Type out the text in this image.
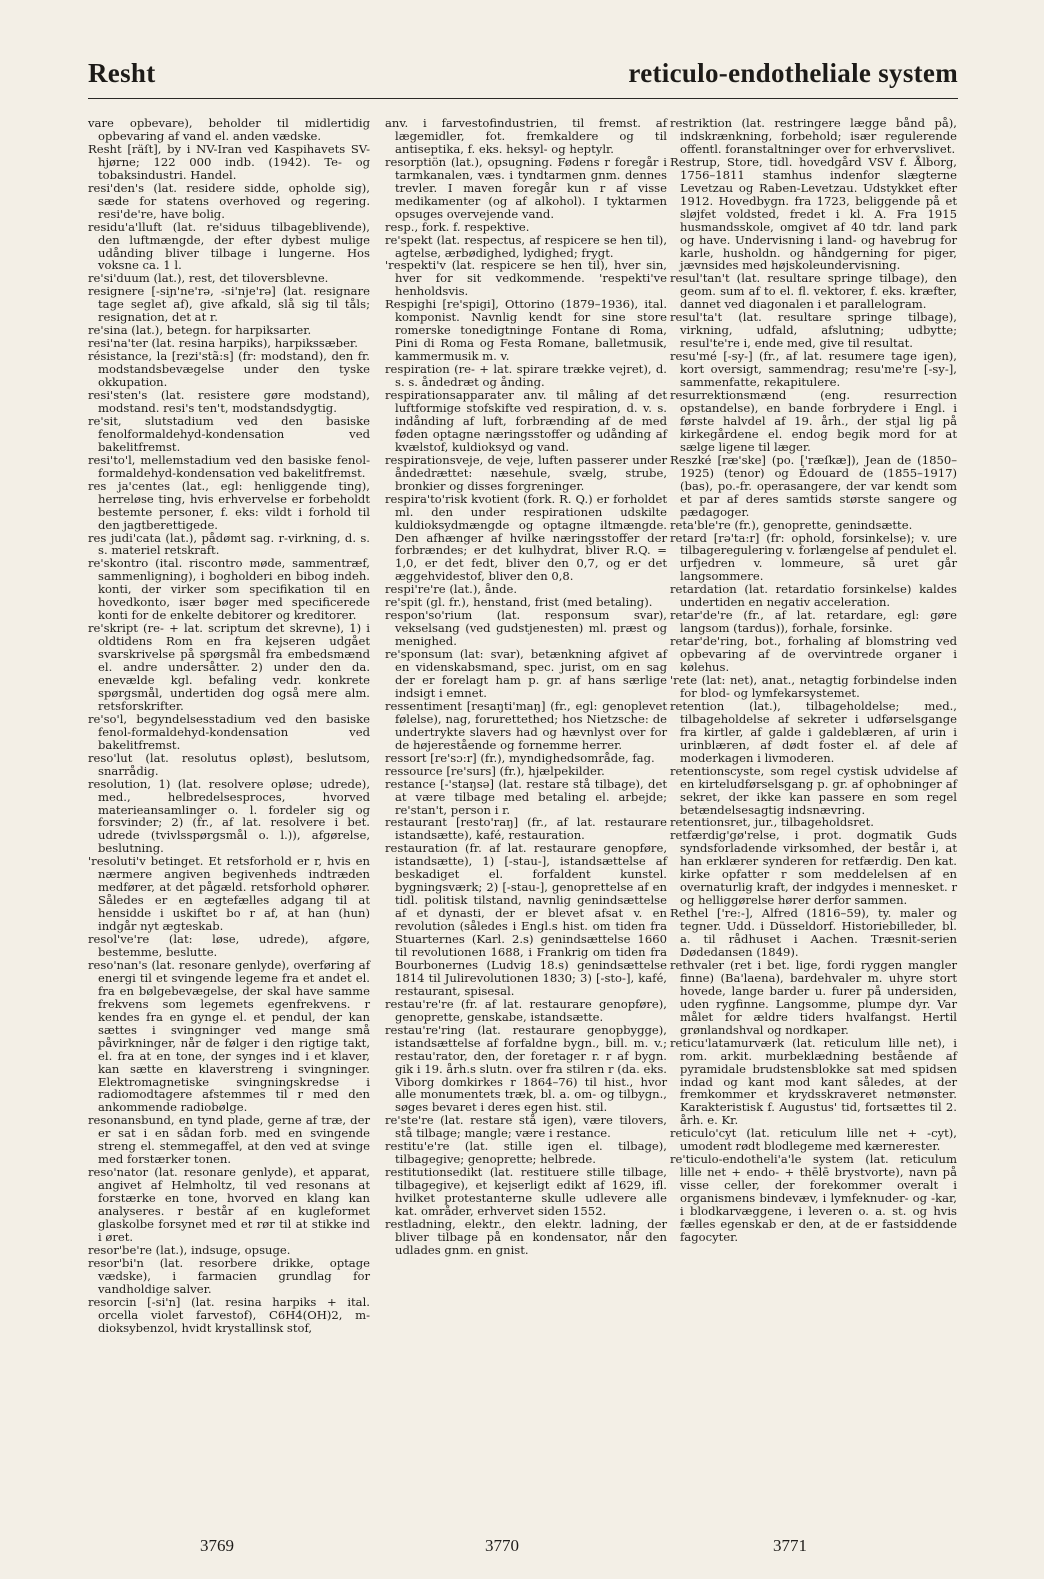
Resht	reticulo-endotheliale system

vare opbevare), beholder til midlertidig opbevaring af vand el. anden vædske.

Resht [räſt], by i NV-Iran ved Kaspihavets SV-hjørne; 122 000 indb. (1942). Te- og tobaksindustri. Handel.

resi'den's (lat. residere sidde, opholde sig), sæde for statens overhoved og regering. resi'de're, have bolig.

residu'a'lluft (lat. re'siduus tilbageblivende), den luftmængde, der efter dybest mulige udånding bliver tilbage i lungerne. Hos voksne ca. 1 l.

re'si'duum (lat.), rest, det tiloversblevne.

resignere [-siɲ'ne'rə, -si'nje'rə] (lat. resignare tage seglet af), give afkald, slå sig til tåls; resignation, det at r.

re'sina (lat.), betegn. for harpiksarter.

resi'na'ter (lat. resina harpiks), harpikssæber.

résistance, la [rezi'stã:s] (fr: modstand), den fr. modstandsbevægelse under den tyske okkupation.

resi'sten's (lat. resistere gøre modstand), modstand. resi's ten't, modstandsdygtig.

re'sit, slutstadium ved den basiske fenolformaldehyd-kondensation ved bakelitfremst.

resi'to'l, mellemstadium ved den basiske fenol-formaldehyd-kondensation ved bakelitfremst.

res ja'centes (lat., egl: henliggende ting), herreløse ting, hvis erhvervelse er forbeholdt bestemte personer, f. eks: vildt i forhold til den jagtberettigede.

res judi'cata (lat.), pådømt sag. r-virkning, d. s. s. materiel retskraft.

re'skontro (ital. riscontro møde, sammentræf, sammenligning), i bogholderi en bibog indeh. konti, der virker som specifikation til en hovedkonto, især bøger med specificerede konti for de enkelte debitorer og kreditorer.

re'skript (re- + lat. scriptum det skrevne), 1) i oldtidens Rom en fra kejseren udgået svarskrivelse på spørgsmål fra embedsmænd el. andre undersåtter. 2) under den da. enevælde kgl. befaling vedr. konkrete spørgsmål, undertiden dog også mere alm. retsforskrifter.

re'so'l, begyndelsesstadium ved den basiske fenol-formaldehyd-kondensation ved bakelitfremst.

reso'lut (lat. resolutus opløst), beslutsom, snarrådig.

resolution, 1) (lat. resolvere opløse; udrede), med., helbredelsesproces, hvorved materieansamlinger o. l. fordeler sig og forsvinder; 2) (fr., af lat. resolvere i bet. udrede (tvivlsspørgsmål o. l.)), afgørelse, beslutning.

'resoluti'v betinget. Et retsforhold er r, hvis en nærmere angiven begivenheds indtræden medfører, at det pågæld. retsforhold ophører. Således er en ægtefælles adgang til at hensidde i uskiftet bo r af, at han (hun) indgår nyt ægteskab.

resol've're (lat: løse, udrede), afgøre, bestemme, beslutte.

reso'nan's (lat. resonare genlyde), overføring af energi til et svingende legeme fra et andet el. fra en bølgebevægelse, der skal have samme frekvens som legemets egenfrekvens. r kendes fra en gynge el. et pendul, der kan sættes i svingninger ved mange små påvirkninger, når de følger i den rigtige takt, el. fra at en tone, der synges ind i et klaver, kan sætte en klaverstreng i svingninger. Elektromagnetiske svingningskredse i radiomodtagere afstemmes til r med den ankommende radiobølge.

resonansbund, en tynd plade, gerne af træ, der er sat i en sådan forb. med en svingende streng el. stemmegaffel, at den ved at svinge med forstærker tonen.

reso'nator (lat. resonare genlyde), et apparat, angivet af Helmholtz, til ved resonans at forstærke en tone, hvorved en klang kan analyseres. r består af en kugleformet glaskolbe forsynet med et rør til at stikke ind i øret.

resor'be're (lat.), indsuge, opsuge.

resor'bi'n (lat. resorbere drikke, optage vædske), i farmacien grundlag for vandholdige salver.

resorcin [-si'n] (lat. resina harpiks + ital. orcella violet farvestof), C6H4(OH)2, m-dioksybenzol, hvidt krystallinsk stof,

anv. i farvestofindustrien, til fremst. af lægemidler, fot. fremkaldere og til antiseptika, f. eks. heksyl- og heptylr.

resorptiön (lat.), opsugning. Fødens r foregår i tarmkanalen, væs. i tyndtarmen gnm. dennes trevler. I maven foregår kun r af visse medikamenter (og af alkohol). I tyktarmen opsuges overvejende vand.

resp., fork. f. respektive.

re'spekt (lat. respectus, af respicere se hen til), agtelse, ærbødighed, lydighed; frygt.

'respekti'v (lat. respicere se hen til), hver sin, hver for sit vedkommende. 'respekti've henholdsvis.

Respighi [re'spigi], Ottorino (1879–1936), ital. komponist. Navnlig kendt for sine store romerske tonedigtninge Fontane di Roma, Pini di Roma og Festa Romane, balletmusik, kammermusik m. v.

respiration (re- + lat. spirare trække vejret), d. s. s. åndedræt og ånding.

respirationsapparater anv. til måling af det luftformige stofskifte ved respiration, d. v. s. indånding af luft, forbrænding af de med føden optagne næringsstoffer og udånding af kvælstof, kuldioksyd og vand.

respirationsveje, de veje, luften passerer under åndedrættet: næsehule, svælg, strube, bronkier og disses forgreninger.

respira'to'risk kvotient (fork. R. Q.) er forholdet ml. den under respirationen udskilte kuldioksydmængde og optagne iltmængde. Den afhænger af hvilke næringsstoffer der forbrændes; er det kulhydrat, bliver R.Q. = 1,0, er det fedt, bliver den 0,7, og er det æggehvidestof, bliver den 0,8.

respi're're (lat.), ånde.

re'spit (gl. fr.), henstand, frist (med betaling).

respon'so'rium (lat. responsum svar), vekselsang (ved gudstjenesten) ml. præst og menighed.

re'sponsum (lat: svar), betænkning afgivet af en videnskabsmand, spec. jurist, om en sag der er forelagt ham p. gr. af hans særlige indsigt i emnet.

ressentiment [resaŋti'maŋ] (fr., egl: genoplevet følelse), nag, forurettethed; hos Nietzsche: de undertrykte slavers had og hævnlyst over for de højerestående og fornemme herrer.

ressort [re'sɔ:r] (fr.), myndighedsområde, fag.

ressource [re'surs] (fr.), hjælpekilder.

restance [-'staŋsə] (lat. restare stå tilbage), det at være tilbage med betaling el. arbejde; re'stan't, person i r.

restaurant [resto'raŋ] (fr., af lat. restaurare istandsætte), kafé, restauration.

restauration (fr. af lat. restaurare genopføre, istandsætte), 1) [-stau-], istandsættelse af beskadiget el. forfaldent kunstel. bygningsværk; 2) [-stau-], genoprettelse af en tidl. politisk tilstand, navnlig genindsættelse af et dynasti, der er blevet afsat v. en revolution (således i Engl.s hist. om tiden fra Stuarternes (Karl. 2.s) genindsættelse 1660 til revolutionen 1688, i Frankrig om tiden fra Bourbonernes (Ludvig 18.s) genindsættelse 1814 til Julirevolutionen 1830; 3) [-sto-], kafé, restaurant, spisesal.

restau're're (fr. af lat. restaurare genopføre), genoprette, genskabe, istandsætte.

restau're'ring (lat. restaurare genopbygge), istandsættelse af forfaldne bygn., bill. m. v.; restau'rator, den, der foretager r. r af bygn. gik i 19. årh.s slutn. over fra stilren r (da. eks. Viborg domkirkes r 1864–76) til hist., hvor alle monumentets træk, bl. a. om- og tilbygn., søges bevaret i deres egen hist. stil.

re'ste're (lat. restare stå igen), være tilovers, stå tilbage; mangle; være i restance.

restitu'e're (lat. stille igen el. tilbage), tilbagegive; genoprette; helbrede.

restitutionsedikt (lat. restituere stille tilbage, tilbagegive), et kejserligt edikt af 1629, ifl. hvilket protestanterne skulle udlevere alle kat. områder, erhvervet siden 1552.

restladning, elektr., den elektr. ladning, der bliver tilbage på en kondensator, når den udlades gnm. en gnist.

restriktion (lat. restringere lægge bånd på), indskrænkning, forbehold; især regulerende offentl. foranstaltninger over for erhvervslivet.

Restrup, Store, tidl. hovedgård VSV f. Ålborg, 1756–1811 stamhus indenfor slægterne Levetzau og Raben-Levetzau. Udstykket efter 1912. Hovedbygn. fra 1723, beliggende på et sløjfet voldsted, fredet i kl. A. Fra 1915 husmandsskole, omgivet af 40 tdr. land park og have. Undervisning i land- og havebrug for karle, husholdn. og håndgerning for piger, jævnsides med højskoleundervisning.

resul'tan't (lat. resultare springe tilbage), den geom. sum af to el. fl. vektorer, f. eks. kræfter, dannet ved diagonalen i et parallelogram.

resul'ta't (lat. resultare springe tilbage), virkning, udfald, afslutning; udbytte; resul'te're i, ende med, give til resultat.

resu'mé [-sy-] (fr., af lat. resumere tage igen), kort oversigt, sammendrag; resu'me're [-sy-], sammenfatte, rekapitulere.

resurrektionsmænd (eng. resurrection opstandelse), en bande forbrydere i Engl. i første halvdel af 19. årh., der stjal lig på kirkegårdene el. endog begik mord for at sælge ligene til læger.

Reszké [ræ'ske] (po. ['ræſkæ]), Jean de (1850–1925) (tenor) og Édouard de (1855–1917) (bas), po.-fr. operasangere, der var kendt som et par af deres samtids største sangere og pædagoger.

reta'ble're (fr.), genoprette, genindsætte.

retard [rə'ta:r] (fr: ophold, forsinkelse); v. ure tilbageregulering v. forlængelse af pendulet el. urfjedren v. lommeure, så uret går langsommere.

retardation (lat. retardatio forsinkelse) kaldes undertiden en negativ acceleration.

retar'de're (fr., af lat. retardare, egl: gøre langsom (tardus)), forhale, forsinke.

retar'de'ring, bot., forhaling af blomstring ved opbevaring af de overvintrede organer i kølehus.

'rete (lat: net), anat., netagtig forbindelse inden for blod- og lymfekarsystemet.

retention (lat.), tilbageholdelse; med., tilbageholdelse af sekreter i udførselsgange fra kirtler, af galde i galdeblæren, af urin i urinblæren, af dødt foster el. af dele af moderkagen i livmoderen.

retentionscyste, som regel cystisk udvidelse af en kirteludførselsgang p. gr. af ophobninger af sekret, der ikke kan passere en som regel betændelsesagtig indsnævring.

retentionsret, jur., tilbageholdsret.

retfærdig'gø'relse, i prot. dogmatik Guds syndsforladende virksomhed, der består i, at han erklærer synderen for retfærdig. Den kat. kirke opfatter r som meddelelsen af en overnaturlig kraft, der indgydes i mennesket. r og helliggørelse hører derfor sammen.

Rethel ['re:-], Alfred (1816–59), ty. maler og tegner. Udd. i Düsseldorf. Historiebilleder, bl. a. til rådhuset i Aachen. Træsnit-serien Dødedansen (1849).

rethvaler (ret i bet. lige, fordi ryggen mangler finne) (Ba'laena), bardehvaler m. uhyre stort hovede, lange barder u. furer på undersiden, uden rygfinne. Langsomme, plumpe dyr. Var målet for ældre tiders hvalfangst. Hertil grønlandshval og nordkaper.

reticu'latamurværk (lat. reticulum lille net), i rom. arkit. murbeklædning bestående af pyramidale brudstensblokke sat med spidsen indad og kant mod kant således, at der fremkommer et krydsskraveret netmønster. Karakteristisk f. Augustus' tid, fortsættes til 2. årh. e. Kr.

reticulo'cyt (lat. reticulum lille net + -cyt), umodent rødt blodlegeme med kærnerester.

re'ticulo-endotheli'a'le system (lat. reticulum lille net + endo- + thēlē brystvorte), navn på visse celler, der forekommer overalt i organismens bindevæv, i lymfeknuder- og -kar, i blodkarvæggene, i leveren o. a. st. og hvis fælles egenskab er den, at de er fastsiddende fagocyter.

3769	3770	3771
